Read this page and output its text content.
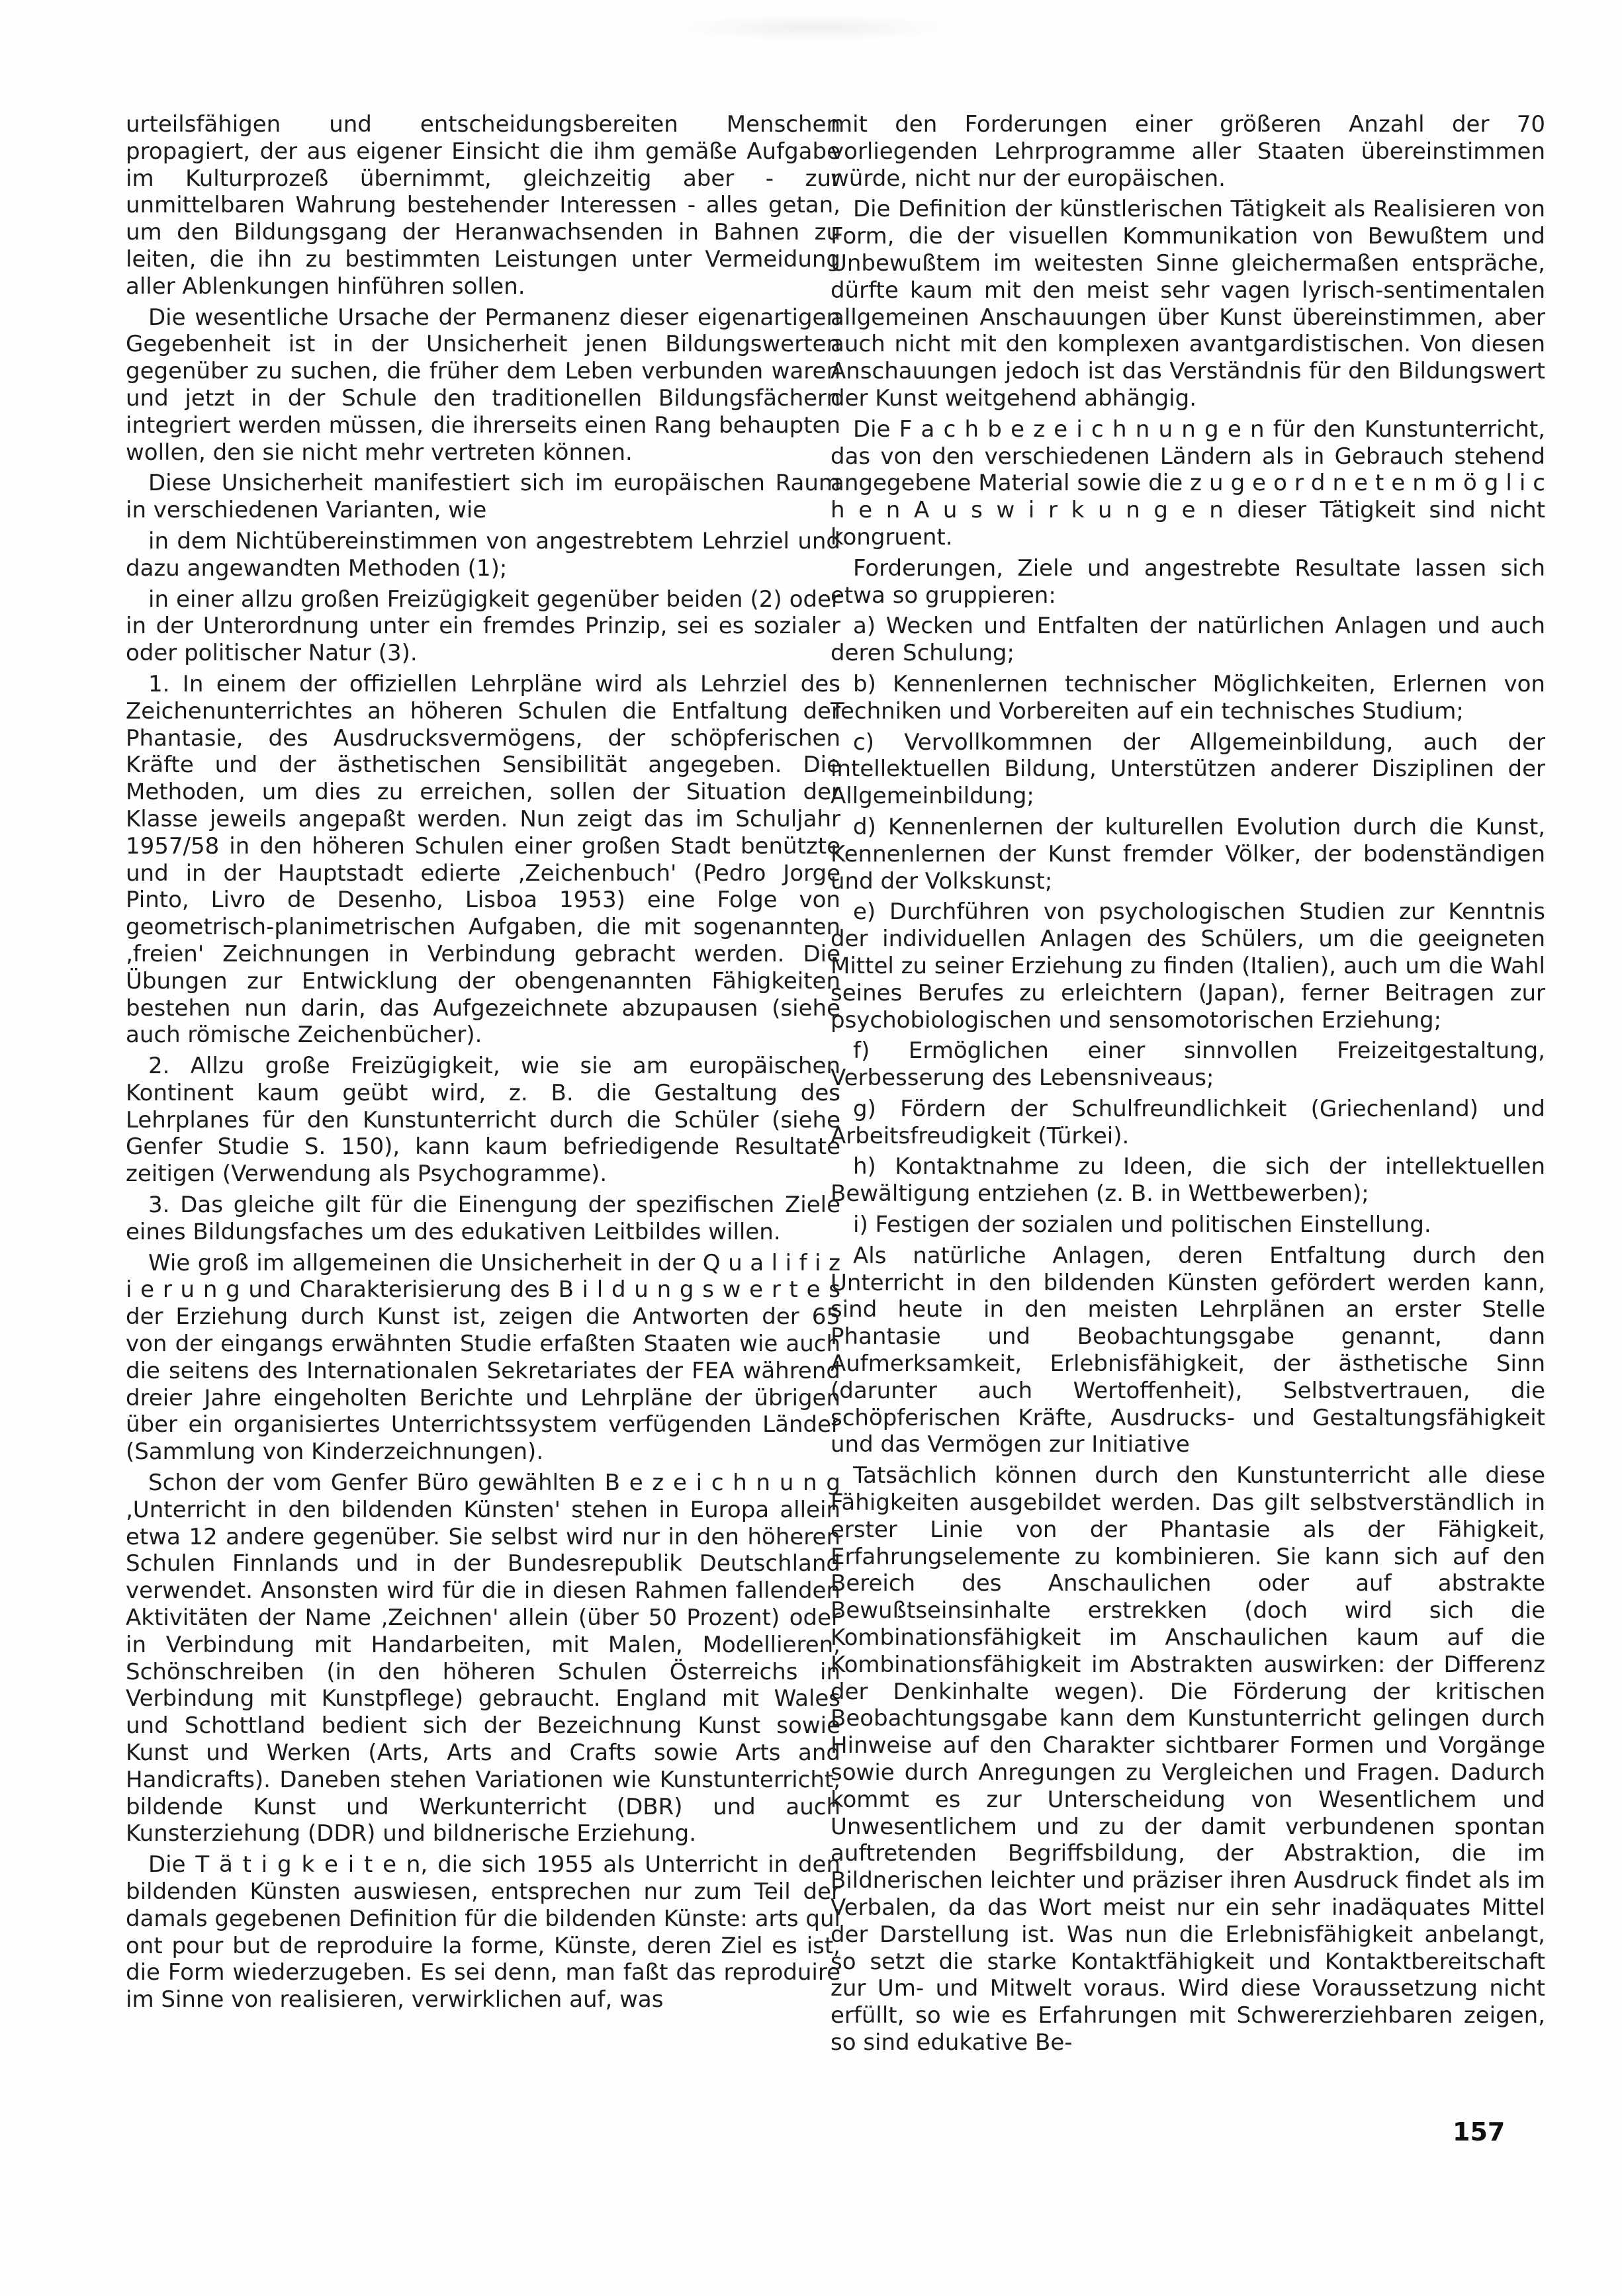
urteilsfähigen und entscheidungsbereiten Menschen propagiert, der aus eigener Einsicht die ihm gemäße Aufgabe im Kulturprozeß übernimmt, gleichzeitig aber - zur unmittelbaren Wahrung bestehender Interessen - alles getan, um den Bildungsgang der Heranwachsenden in Bahnen zu leiten, die ihn zu bestimmten Leistungen unter Vermeidung aller Ablenkungen hinführen sollen.

Die wesentliche Ursache der Permanenz dieser eigenartigen Gegebenheit ist in der Unsicherheit jenen Bildungswerten gegenüber zu suchen, die früher dem Leben verbunden waren und jetzt in der Schule den traditionellen Bildungsfächern integriert werden müssen, die ihrerseits einen Rang behaupten wollen, den sie nicht mehr vertreten können.

Diese Unsicherheit manifestiert sich im europäischen Raum in verschiedenen Varianten, wie

in dem Nichtübereinstimmen von angestrebtem Lehrziel und dazu angewandten Methoden (1);

in einer allzu großen Freizügigkeit gegenüber beiden (2) oder in der Unterordnung unter ein fremdes Prinzip, sei es sozialer oder politischer Natur (3).

1. In einem der offiziellen Lehrpläne wird als Lehrziel des Zeichenunterrichtes an höheren Schulen die Entfaltung der Phantasie, des Ausdrucksvermögens, der schöpferischen Kräfte und der ästhetischen Sensibilität angegeben. Die Methoden, um dies zu erreichen, sollen der Situation der Klasse jeweils angepaßt werden. Nun zeigt das im Schuljahr 1957/58 in den höheren Schulen einer großen Stadt benützte und in der Hauptstadt edierte ‚Zeichenbuch' (Pedro Jorge Pinto, Livro de Desenho, Lisboa 1953) eine Folge von geometrisch-planimetrischen Aufgaben, die mit sogenannten ‚freien' Zeichnungen in Verbindung gebracht werden. Die Übungen zur Entwicklung der obengenannten Fähigkeiten bestehen nun darin, das Aufgezeichnete abzupausen (siehe auch römische Zeichenbücher).

2. Allzu große Freizügigkeit, wie sie am europäischen Kontinent kaum geübt wird, z. B. die Gestaltung des Lehrplanes für den Kunstunterricht durch die Schüler (siehe Genfer Studie S. 150), kann kaum befriedigende Resultate zeitigen (Verwendung als Psychogramme).

3. Das gleiche gilt für die Einengung der spezifischen Ziele eines Bildungsfaches um des edukativen Leitbildes willen.

Wie groß im allgemeinen die Unsicherheit in der Q u a l i f i z i e r u n g und Charakterisierung des B i l d u n g s w e r t e s der Erziehung durch Kunst ist, zeigen die Antworten der 65 von der eingangs erwähnten Studie erfaßten Staaten wie auch die seitens des Internationalen Sekretariates der FEA während dreier Jahre eingeholten Berichte und Lehrpläne der übrigen über ein organisiertes Unterrichtssystem verfügenden Länder (Sammlung von Kinderzeichnungen).

Schon der vom Genfer Büro gewählten B e z e i c h n u n g ‚Unterricht in den bildenden Künsten' stehen in Europa allein etwa 12 andere gegenüber. Sie selbst wird nur in den höheren Schulen Finnlands und in der Bundesrepublik Deutschland verwendet. Ansonsten wird für die in diesen Rahmen fallenden Aktivitäten der Name ‚Zeichnen' allein (über 50 Prozent) oder in Verbindung mit Handarbeiten, mit Malen, Modellieren, Schönschreiben (in den höheren Schulen Österreichs in Verbindung mit Kunstpflege) gebraucht. England mit Wales und Schottland bedient sich der Bezeichnung Kunst sowie Kunst und Werken (Arts, Arts and Crafts sowie Arts and Handicrafts). Daneben stehen Variationen wie Kunstunterricht, bildende Kunst und Werkunterricht (DBR) und auch Kunsterziehung (DDR) und bildnerische Erziehung.

Die T ä t i g k e i t e n, die sich 1955 als Unterricht in den bildenden Künsten auswiesen, entsprechen nur zum Teil der damals gegebenen Definition für die bildenden Künste: arts qui ont pour but de reproduire la forme, Künste, deren Ziel es ist, die Form wiederzugeben. Es sei denn, man faßt das reproduire im Sinne von realisieren, verwirklichen auf, was

mit den Forderungen einer größeren Anzahl der 70 vorliegenden Lehrprogramme aller Staaten übereinstimmen würde, nicht nur der europäischen.

Die Definition der künstlerischen Tätigkeit als Realisieren von Form, die der visuellen Kommunikation von Bewußtem und Unbewußtem im weitesten Sinne gleichermaßen entspräche, dürfte kaum mit den meist sehr vagen lyrisch-sentimentalen allgemeinen Anschauungen über Kunst übereinstimmen, aber auch nicht mit den komplexen avantgardistischen. Von diesen Anschauungen jedoch ist das Verständnis für den Bildungswert der Kunst weitgehend abhängig.

Die F a c h b e z e i c h n u n g e n für den Kunstunterricht, das von den verschiedenen Ländern als in Gebrauch stehend angegebene Material sowie die z u g e o r d n e t e n m ö g l i c h e n A u s w i r k u n g e n dieser Tätigkeit sind nicht kongruent.

Forderungen, Ziele und angestrebte Resultate lassen sich etwa so gruppieren:

a) Wecken und Entfalten der natürlichen Anlagen und auch deren Schulung;

b) Kennenlernen technischer Möglichkeiten, Erlernen von Techniken und Vorbereiten auf ein technisches Studium;

c) Vervollkommnen der Allgemeinbildung, auch der intellektuellen Bildung, Unterstützen anderer Disziplinen der Allgemeinbildung;

d) Kennenlernen der kulturellen Evolution durch die Kunst, Kennenlernen der Kunst fremder Völker, der bodenständigen und der Volkskunst;

e) Durchführen von psychologischen Studien zur Kenntnis der individuellen Anlagen des Schülers, um die geeigneten Mittel zu seiner Erziehung zu finden (Italien), auch um die Wahl seines Berufes zu erleichtern (Japan), ferner Beitragen zur psychobiologischen und sensomotorischen Erziehung;

f) Ermöglichen einer sinnvollen Freizeitgestaltung, Verbesserung des Lebensniveaus;

g) Fördern der Schulfreundlichkeit (Griechenland) und Arbeitsfreudigkeit (Türkei).

h) Kontaktnahme zu Ideen, die sich der intellektuellen Bewältigung entziehen (z. B. in Wettbewerben);

i) Festigen der sozialen und politischen Einstellung.

Als natürliche Anlagen, deren Entfaltung durch den Unterricht in den bildenden Künsten gefördert werden kann, sind heute in den meisten Lehrplänen an erster Stelle Phantasie und Beobachtungsgabe genannt, dann Aufmerksamkeit, Erlebnisfähigkeit, der ästhetische Sinn (darunter auch Wertoffenheit), Selbstvertrauen, die schöpferischen Kräfte, Ausdrucks- und Gestaltungsfähigkeit und das Vermögen zur Initiative

Tatsächlich können durch den Kunstunterricht alle diese Fähigkeiten ausgebildet werden. Das gilt selbstverständlich in erster Linie von der Phantasie als der Fähigkeit, Erfahrungselemente zu kombinieren. Sie kann sich auf den Bereich des Anschaulichen oder auf abstrakte Bewußtseinsinhalte erstrekken (doch wird sich die Kombinationsfähigkeit im Anschaulichen kaum auf die Kombinationsfähigkeit im Abstrakten auswirken: der Differenz der Denkinhalte wegen). Die Förderung der kritischen Beobachtungsgabe kann dem Kunstunterricht gelingen durch Hinweise auf den Charakter sichtbarer Formen und Vorgänge sowie durch Anregungen zu Vergleichen und Fragen. Dadurch kommt es zur Unterscheidung von Wesentlichem und Unwesentlichem und zu der damit verbundenen spontan auftretenden Begriffsbildung, der Abstraktion, die im Bildnerischen leichter und präziser ihren Ausdruck findet als im Verbalen, da das Wort meist nur ein sehr inadäquates Mittel der Darstellung ist. Was nun die Erlebnisfähigkeit anbelangt, so setzt die starke Kontaktfähigkeit und Kontaktbereitschaft zur Um- und Mitwelt voraus. Wird diese Voraussetzung nicht erfüllt, so wie es Erfahrungen mit Schwererziehbaren zeigen, so sind edukative Be-

157
